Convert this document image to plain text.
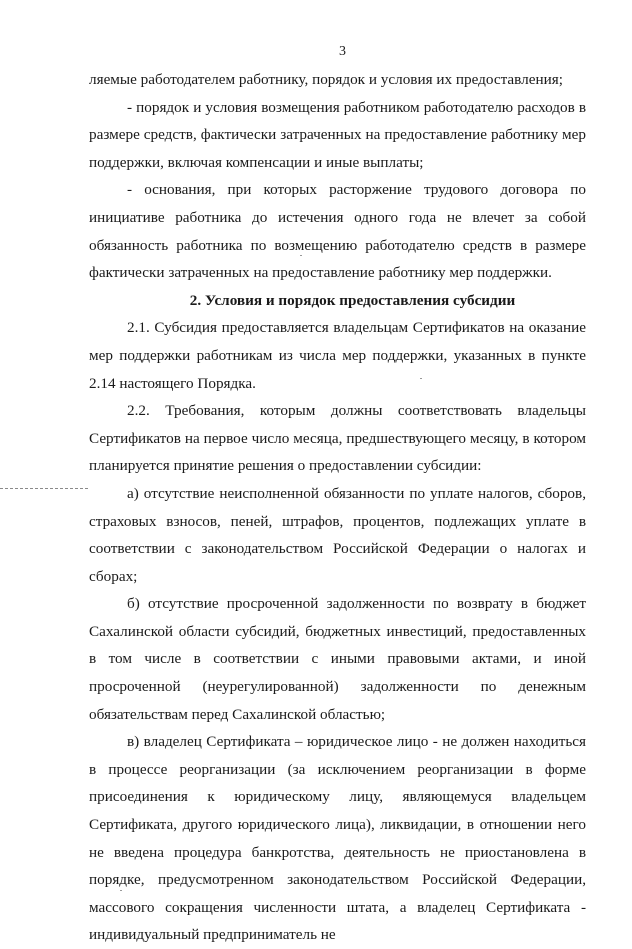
3

ляемые работодателем работнику, порядок и условия их предоставления;

- порядок и условия возмещения работником работодателю расходов в размере средств, фактически затраченных на предоставление работнику мер поддержки, включая компенсации и иные выплаты;

- основания, при которых расторжение трудового договора по инициативе работника до истечения одного года не влечет за собой обязанность работника по возмещению работодателю средств в размере фактически затраченных на предоставление работнику мер поддержки.

2. Условия и порядок предоставления субсидии

2.1. Субсидия предоставляется владельцам Сертификатов на оказание мер поддержки работникам из числа мер поддержки, указанных в пункте 2.14 настоящего Порядка.

2.2. Требования, которым должны соответствовать владельцы Сертификатов на первое число месяца, предшествующего месяцу, в котором планируется принятие решения о предоставлении субсидии:

а) отсутствие неисполненной обязанности по уплате налогов, сборов, страховых взносов, пеней, штрафов, процентов, подлежащих уплате в соответствии с законодательством Российской Федерации о налогах и сборах;

б) отсутствие просроченной задолженности по возврату в бюджет Сахалинской области субсидий, бюджетных инвестиций, предоставленных в том числе в соответствии с иными правовыми актами, и иной просроченной (неурегулированной) задолженности по денежным обязательствам перед Сахалинской областью;

в) владелец Сертификата – юридическое лицо - не должен находиться в процессе реорганизации (за исключением реорганизации в форме присоединения к юридическому лицу, являющемуся владельцем Сертификата, другого юридического лица), ликвидации, в отношении него не введена процедура банкротства, деятельность не приостановлена в порядке, предусмотренном законодательством Российской Федерации, массового сокращения численности штата, а владелец Сертификата - индивидуальный предприниматель не
